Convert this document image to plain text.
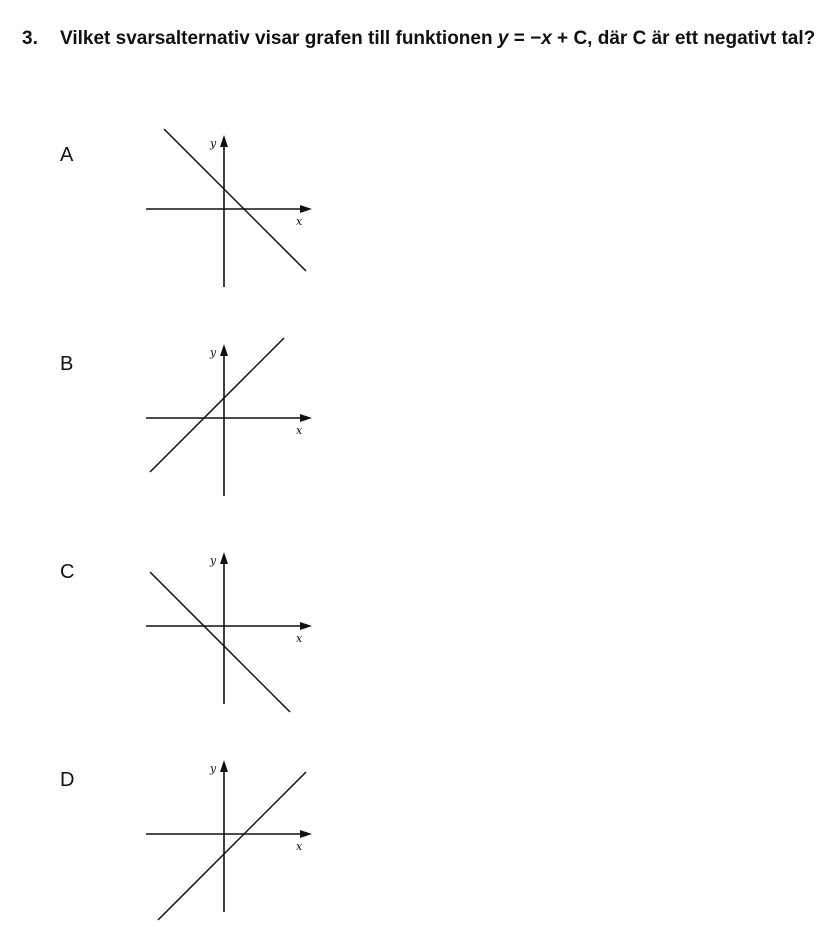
3. Vilket svarsalternativ visar grafen till funktionen y = −x + C, där C är ett negativt tal?
A
x
y
B
x
y
C
x
y
D
x
y
